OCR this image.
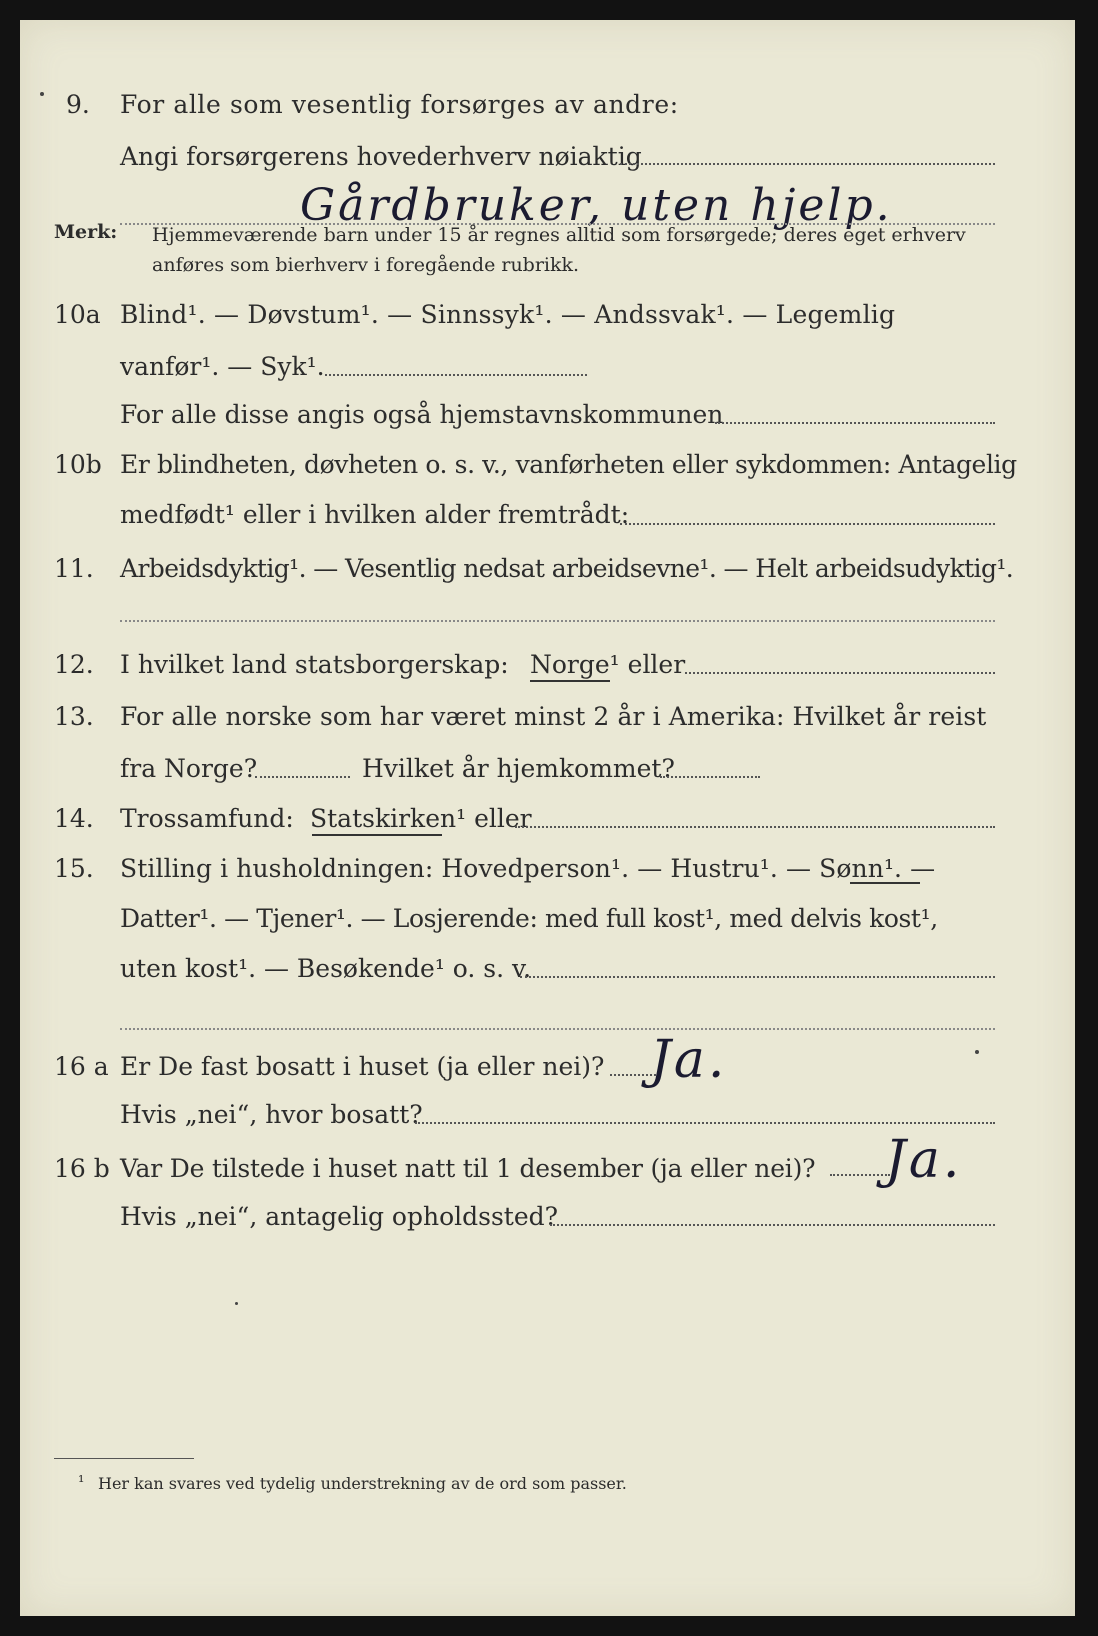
9. For alle som vesentlig forsørges av andre:
Angi forsørgerens hovederhverv nøiaktig
Gårdbruker, uten hjelp.
Merk: Hjemmeværende barn under 15 år regnes alltid som forsørgede; deres eget erhverv
anføres som bierhverv i foregående rubrikk.
10a Blind¹. — Døvstum¹. — Sinnssyk¹. — Andssvak¹. — Legemlig
vanfør¹. — Syk¹.
For alle disse angis også hjemstavnskommunen
10b Er blindheten, døvheten o. s. v., vanførheten eller sykdommen: Antagelig
medfødt¹ eller i hvilken alder fremtrådt:
11. Arbeidsdyktig¹. — Vesentlig nedsat arbeidsevne¹. — Helt arbeidsudyktig¹.
12. I hvilket land statsborgerskap: Norge¹ eller
13. For alle norske som har været minst 2 år i Amerika: Hvilket år reist
fra Norge?	Hvilket år hjemkommet?
14. Trossamfund: Statskirken¹ eller
15. Stilling i husholdningen: Hovedperson¹. — Hustru¹. — Sønn¹. —
Datter¹. — Tjener¹. — Losjerende: med full kost¹, med delvis kost¹,
uten kost¹. — Besøkende¹ o. s. v.
16 a Er De fast bosatt i huset (ja eller nei)? Ja.
Hvis „nei“, hvor bosatt?
16 b Var De tilstede i huset natt til 1 desember (ja eller nei)? Ja.
Hvis „nei“, antagelig opholdssted?
¹ Her kan svares ved tydelig understrekning av de ord som passer.
